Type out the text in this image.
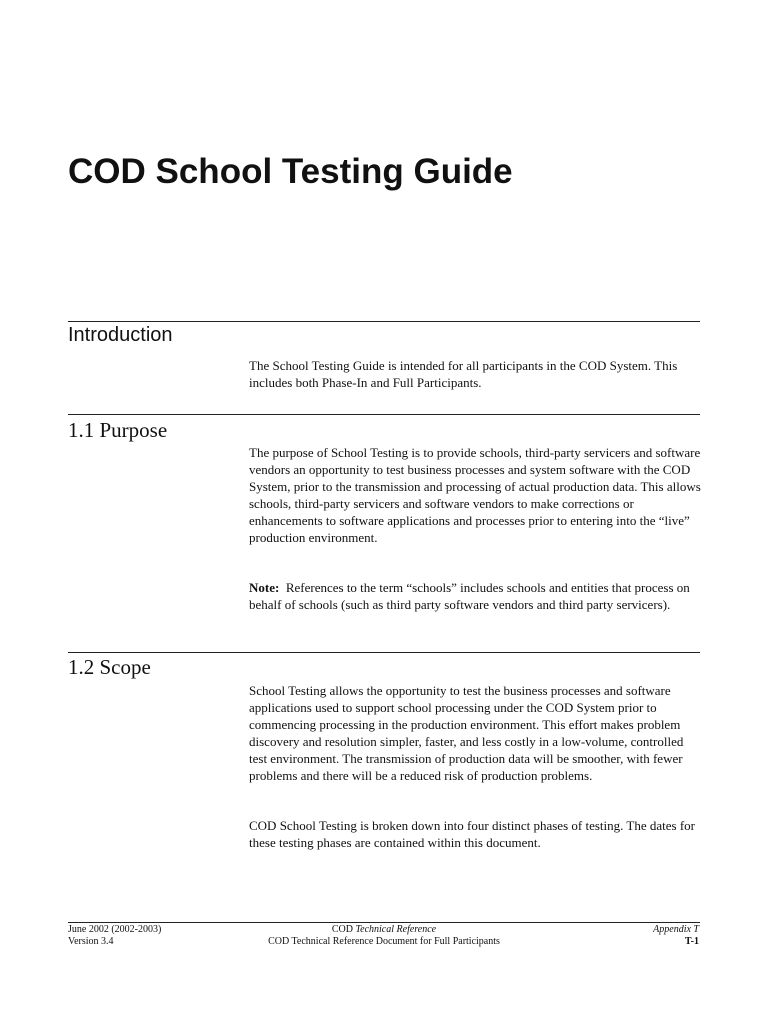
COD School Testing Guide
Introduction

The School Testing Guide is intended for all participants in the COD System. This includes both Phase-In and Full Participants.

1.1 Purpose

The purpose of School Testing is to provide schools, third-party servicers and software vendors an opportunity to test business processes and system software with the COD System, prior to the transmission and processing of actual production data. This allows schools, third-party servicers and software vendors to make corrections or enhancements to software applications and processes prior to entering into the “live” production environment.

Note: References to the term “schools” includes schools and entities that process on behalf of schools (such as third party software vendors and third party servicers).

1.2 Scope

School Testing allows the opportunity to test the business processes and software applications used to support school processing under the COD System prior to commencing processing in the production environment. This effort makes problem discovery and resolution simpler, faster, and less costly in a low-volume, controlled test environment. The transmission of production data will be smoother, with fewer problems and there will be a reduced risk of production problems.

COD School Testing is broken down into four distinct phases of testing. The dates for these testing phases are contained within this document.

June 2002 (2002-2003)
Version 3.4
COD Technical Reference
COD Technical Reference Document for Full Participants
Appendix T
T-1
